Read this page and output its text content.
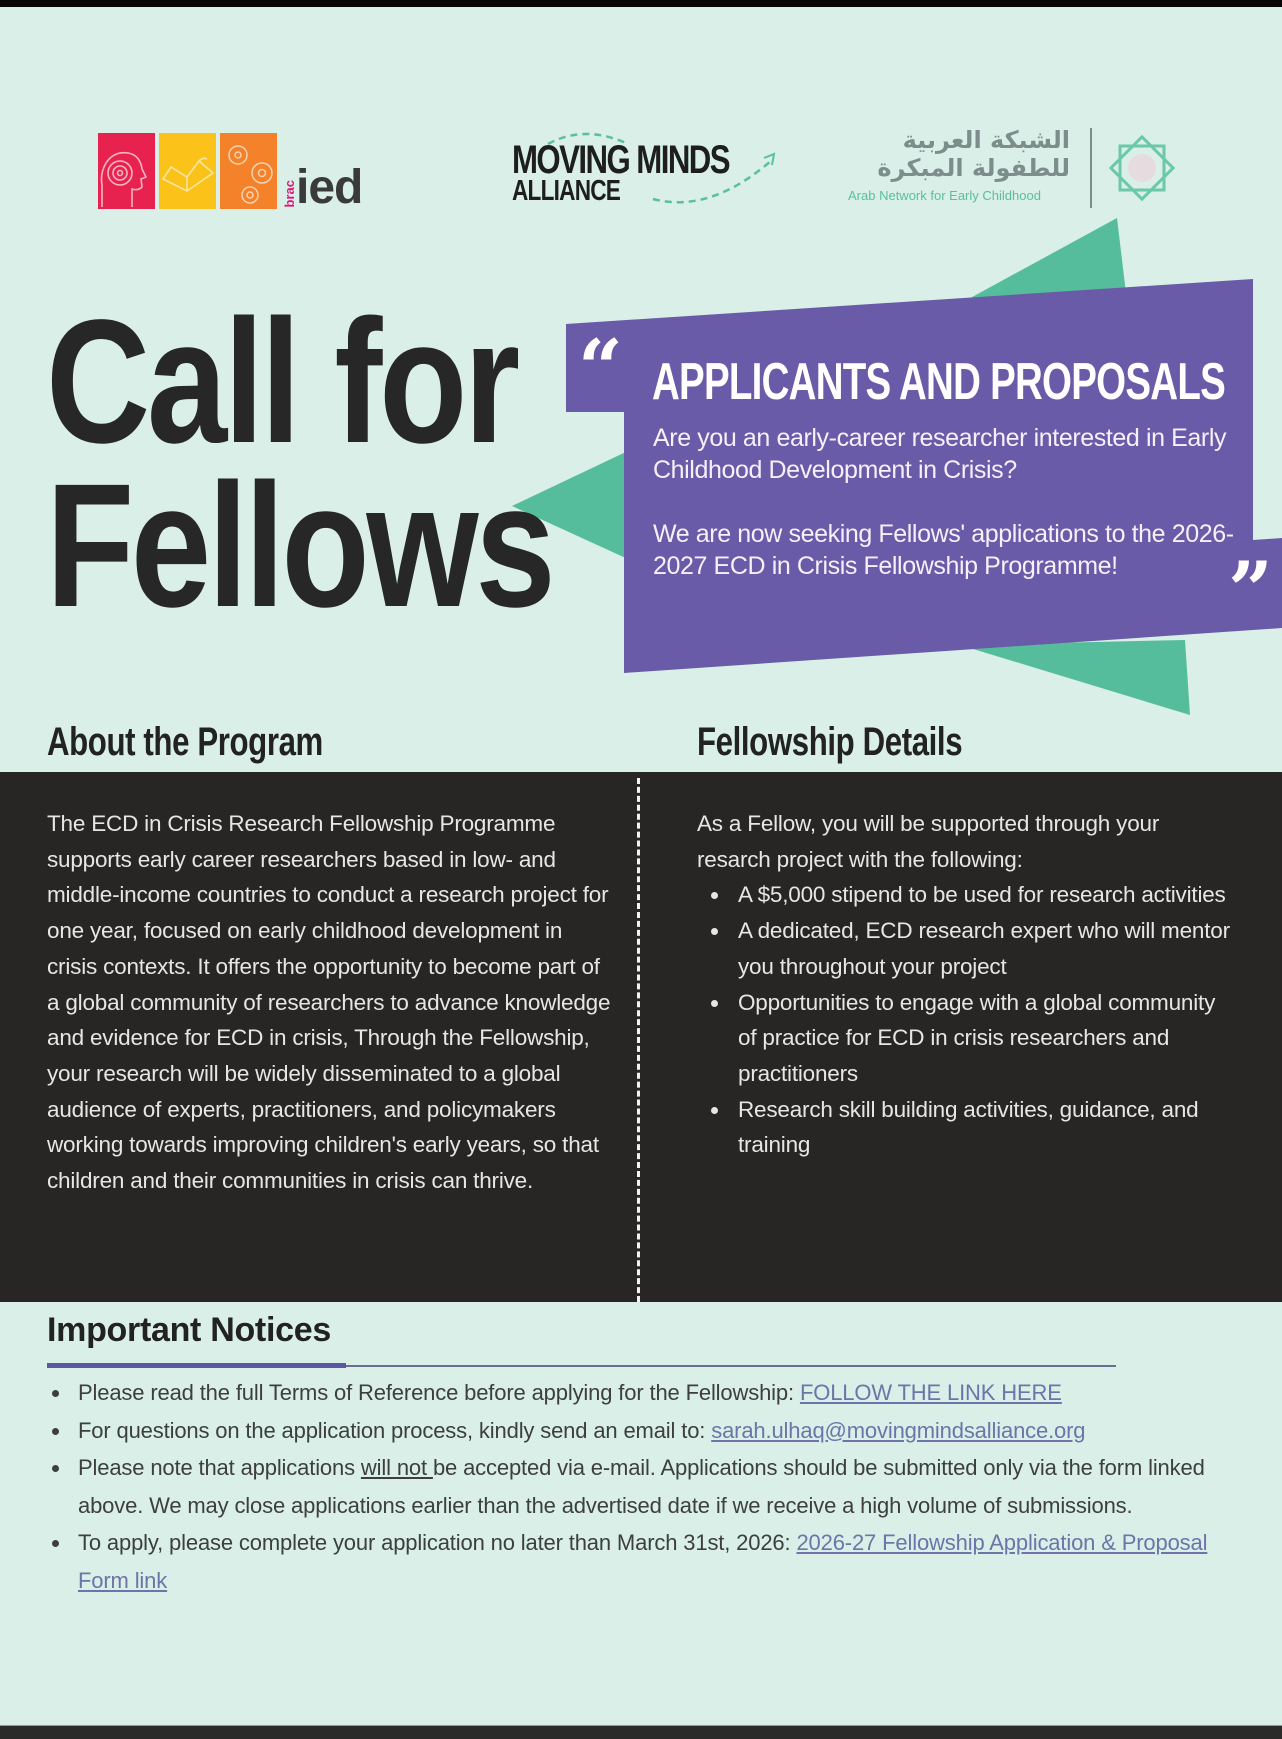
brac ied
MOVING MINDS
ALLIANCE
الشبكة العربية
للطفولة المبكرة
Arab Network for Early Childhood
Call for
Fellows
“ APPLICANTS AND PROPOSALS

Are you an early-career researcher interested in Early Childhood Development in Crisis?

We are now seeking Fellows' applications to the 2026-2027 ECD in Crisis Fellowship Programme!	”
About the Program	Fellowship Details
The ECD in Crisis Research Fellowship Programme supports early career researchers based in low- and middle-income countries to conduct a research project for one year, focused on early childhood development in crisis contexts. It offers the opportunity to become part of a global community of researchers to advance knowledge and evidence for ECD in crisis, Through the Fellowship, your research will be widely disseminated to a global audience of experts, practitioners, and policymakers working towards improving children's early years, so that children and their communities in crisis can thrive.

As a Fellow, you will be supported through your resarch project with the following:

A $5,000 stipend to be used for research activities
A dedicated, ECD research expert who will mentor you throughout your project
Opportunities to engage with a global community of practice for ECD in crisis researchers and practitioners
Research skill building activities, guidance, and training
Important Notices
Please read the full Terms of Reference before applying for the Fellowship: FOLLOW THE LINK HERE
For questions on the application process, kindly send an email to: sarah.ulhaq@movingmindsalliance.org
Please note that applications will not be accepted via e-mail. Applications should be submitted only via the form linked above. We may close applications earlier than the advertised date if we receive a high volume of submissions.
To apply, please complete your application no later than March 31st, 2026: 2026-27 Fellowship Application & Proposal Form link
